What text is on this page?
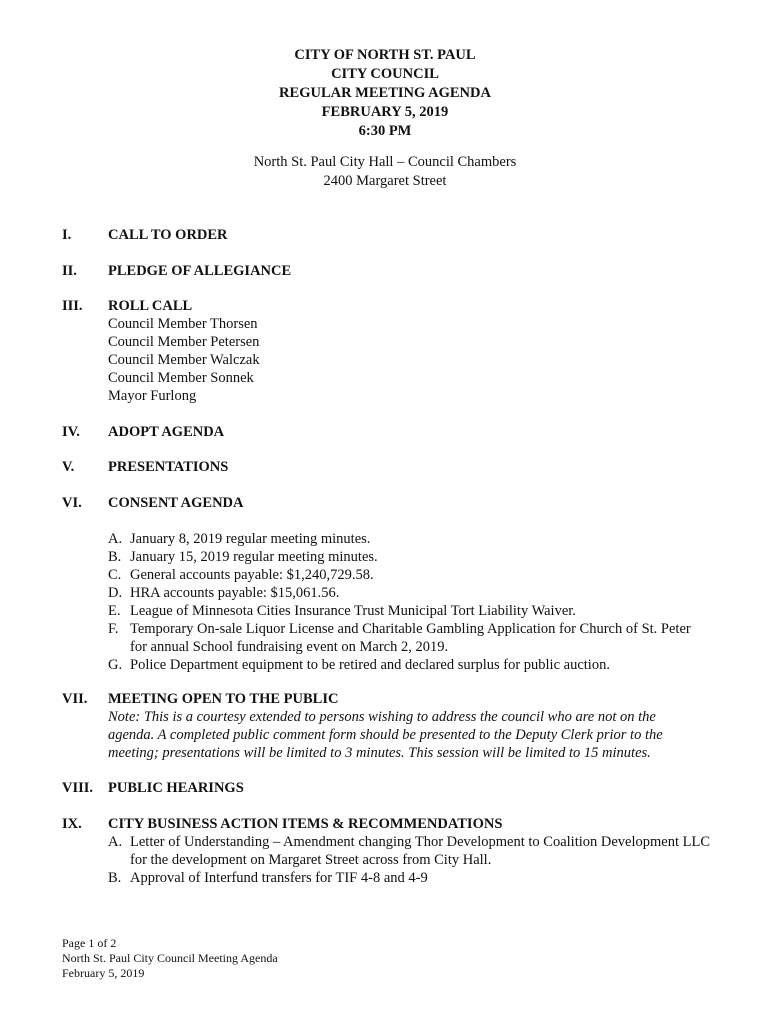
CITY OF NORTH ST. PAUL
CITY COUNCIL
REGULAR MEETING AGENDA
FEBRUARY 5, 2019
6:30 PM
North St. Paul City Hall – Council Chambers
2400 Margaret Street
I.	CALL TO ORDER
II. PLEDGE OF ALLEGIANCE
III. ROLL CALL
Council Member Thorsen
Council Member Petersen
Council Member Walczak
Council Member Sonnek
Mayor Furlong
IV. ADOPT AGENDA
V. PRESENTATIONS
VI. CONSENT AGENDA
A. January 8, 2019 regular meeting minutes.
B. January 15, 2019 regular meeting minutes.
C. General accounts payable: $1,240,729.58.
D. HRA accounts payable: $15,061.56.
E. League of Minnesota Cities Insurance Trust Municipal Tort Liability Waiver.
F. Temporary On-sale Liquor License and Charitable Gambling Application for Church of St. Peter for annual School fundraising event on March 2, 2019.
G. Police Department equipment to be retired and declared surplus for public auction.
VII. MEETING OPEN TO THE PUBLIC
Note: This is a courtesy extended to persons wishing to address the council who are not on the agenda. A completed public comment form should be presented to the Deputy Clerk prior to the meeting; presentations will be limited to 3 minutes. This session will be limited to 15 minutes.
VIII. PUBLIC HEARINGS
IX. CITY BUSINESS ACTION ITEMS & RECOMMENDATIONS
A. Letter of Understanding – Amendment changing Thor Development to Coalition Development LLC for the development on Margaret Street across from City Hall.
B. Approval of Interfund transfers for TIF 4-8 and 4-9
Page 1 of 2
North St. Paul City Council Meeting Agenda
February 5, 2019
